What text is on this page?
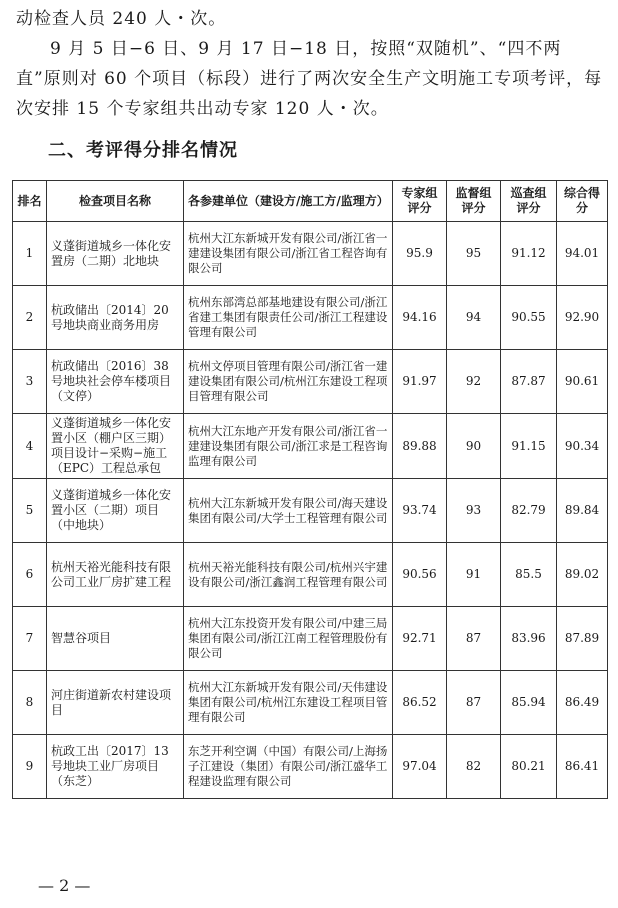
动检查人员 240 人・次。

9 月 5 日−6 日、9 月 17 日−18 日，按照“双随机”、“四不两直”原则对 60 个项目（标段）进行了两次安全生产文明施工专项考评，每次安排 15 个专家组共出动专家 120 人・次。

二、考评得分排名情况
排名	检查项目名称	各参建单位（建设方/施工方/监理方）	专家组评分	监督组评分	巡查组评分	综合得分
1	义蓬街道城乡一体化安置房（二期）北地块	杭州大江东新城开发有限公司/浙江省一建建设集团有限公司/浙江省工程咨询有限公司	95.9	95	91.12	94.01
2	杭政储出〔2014〕20号地块商业商务用房	杭州东部湾总部基地建设有限公司/浙江省建工集团有限责任公司/浙江工程建设管理有限公司	94.16	94	90.55	92.90
3	杭政储出〔2016〕38号地块社会停车楼项目（文停）	杭州文停项目管理有限公司/浙江省一建建设集团有限公司/杭州江东建设工程项目管理有限公司	91.97	92	87.87	90.61
4	义蓬街道城乡一体化安置小区（棚户区三期）项目设计−采购−施工（EPC）工程总承包	杭州大江东地产开发有限公司/浙江省一建建设集团有限公司/浙江求是工程咨询监理有限公司	89.88	90	91.15	90.34
5	义蓬街道城乡一体化安置小区（二期）项目（中地块）	杭州大江东新城开发有限公司/海天建设集团有限公司/大学士工程管理有限公司	93.74	93	82.79	89.84
6	杭州天裕光能科技有限公司工业厂房扩建工程	杭州天裕光能科技有限公司/杭州兴宇建设有限公司/浙江鑫润工程管理有限公司	90.56	91	85.5	89.02
7	智慧谷项目	杭州大江东投资开发有限公司/中建三局集团有限公司/浙江江南工程管理股份有限公司	92.71	87	83.96	87.89
8	河庄街道新农村建设项目	杭州大江东新城开发有限公司/天伟建设集团有限公司/杭州江东建设工程项目管理有限公司	86.52	87	85.94	86.49
9	杭政工出〔2017〕13号地块工业厂房项目（东芝）	东芝开利空调（中国）有限公司/上海扬子江建设（集团）有限公司/浙江盛华工程建设监理有限公司	97.04	82	80.21	86.41

— 2 —
